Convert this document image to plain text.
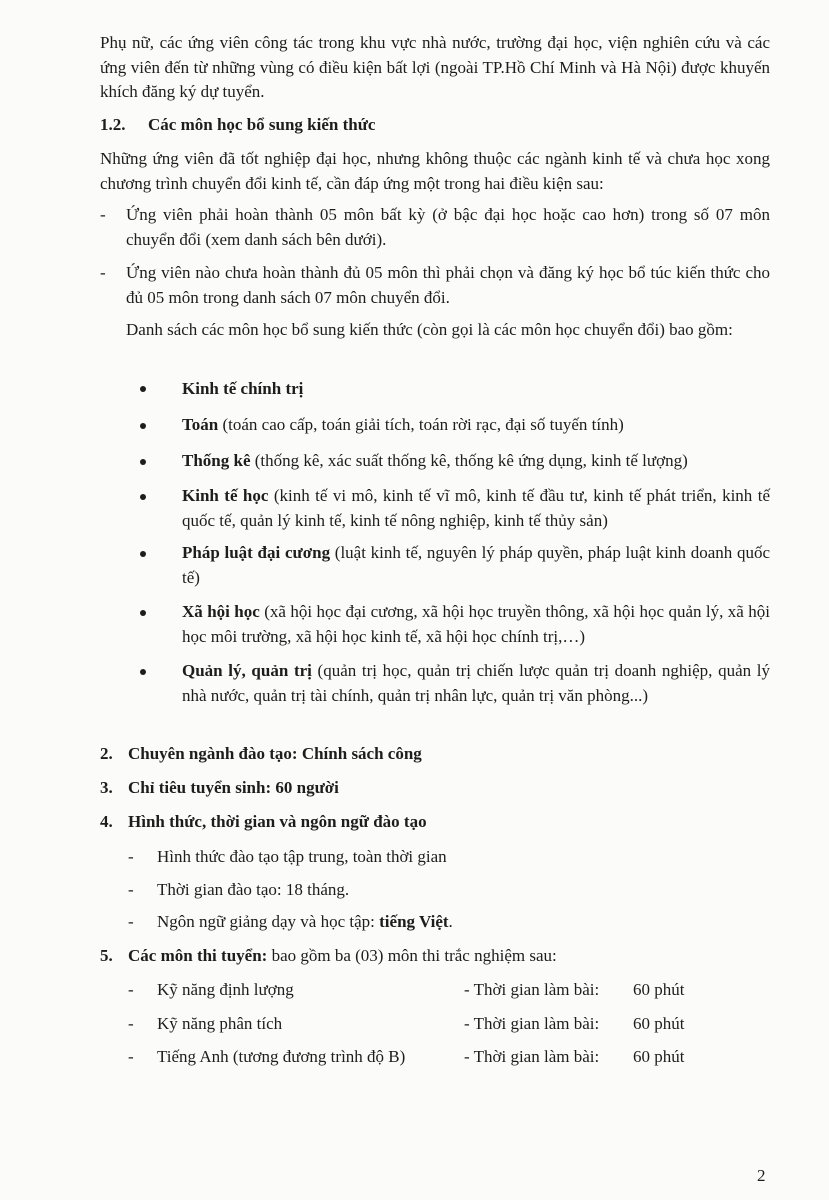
Phụ nữ, các ứng viên công tác trong khu vực nhà nước, trường đại học, viện nghiên cứu và các ứng viên đến từ những vùng có điều kiện bất lợi (ngoài TP.Hồ Chí Minh và Hà Nội) được khuyến khích đăng ký dự tuyển.
1.2. Các môn học bổ sung kiến thức
Những ứng viên đã tốt nghiệp đại học, nhưng không thuộc các ngành kinh tế và chưa học xong chương trình chuyển đổi kinh tế, cần đáp ứng một trong hai điều kiện sau:
- Ứng viên phải hoàn thành 05 môn bất kỳ (ở bậc đại học hoặc cao hơn) trong số 07 môn chuyển đổi (xem danh sách bên dưới).
- Ứng viên nào chưa hoàn thành đủ 05 môn thì phải chọn và đăng ký học bổ túc kiến thức cho đủ 05 môn trong danh sách 07 môn chuyển đổi.
Danh sách các môn học bổ sung kiến thức (còn gọi là các môn học chuyển đổi) bao gồm:
Kinh tế chính trị
Toán (toán cao cấp, toán giải tích, toán rời rạc, đại số tuyến tính)
Thống kê (thống kê, xác suất thống kê, thống kê ứng dụng, kinh tế lượng)
Kinh tế học (kinh tế vi mô, kinh tế vĩ mô, kinh tế đầu tư, kinh tế phát triển, kinh tế quốc tế, quản lý kinh tế, kinh tế nông nghiệp, kinh tế thủy sản)
Pháp luật đại cương (luật kinh tế, nguyên lý pháp quyền, pháp luật kinh doanh quốc tế)
Xã hội học (xã hội học đại cương, xã hội học truyền thông, xã hội học quản lý, xã hội học môi trường, xã hội học kinh tế, xã hội học chính trị,…)
Quản lý, quản trị (quản trị học, quản trị chiến lược quản trị doanh nghiệp, quản lý nhà nước, quản trị tài chính, quản trị nhân lực, quản trị văn phòng...)
2. Chuyên ngành đào tạo: Chính sách công
3. Chỉ tiêu tuyển sinh: 60 người
4. Hình thức, thời gian và ngôn ngữ đào tạo
- Hình thức đào tạo tập trung, toàn thời gian
- Thời gian đào tạo: 18 tháng.
- Ngôn ngữ giảng dạy và học tập: tiếng Việt.
5. Các môn thi tuyển: bao gồm ba (03) môn thi trắc nghiệm sau:
- Kỹ năng định lượng	- Thời gian làm bài: 60 phút
- Kỹ năng phân tích	- Thời gian làm bài: 60 phút
- Tiếng Anh (tương đương trình độ B)	- Thời gian làm bài: 60 phút
2
